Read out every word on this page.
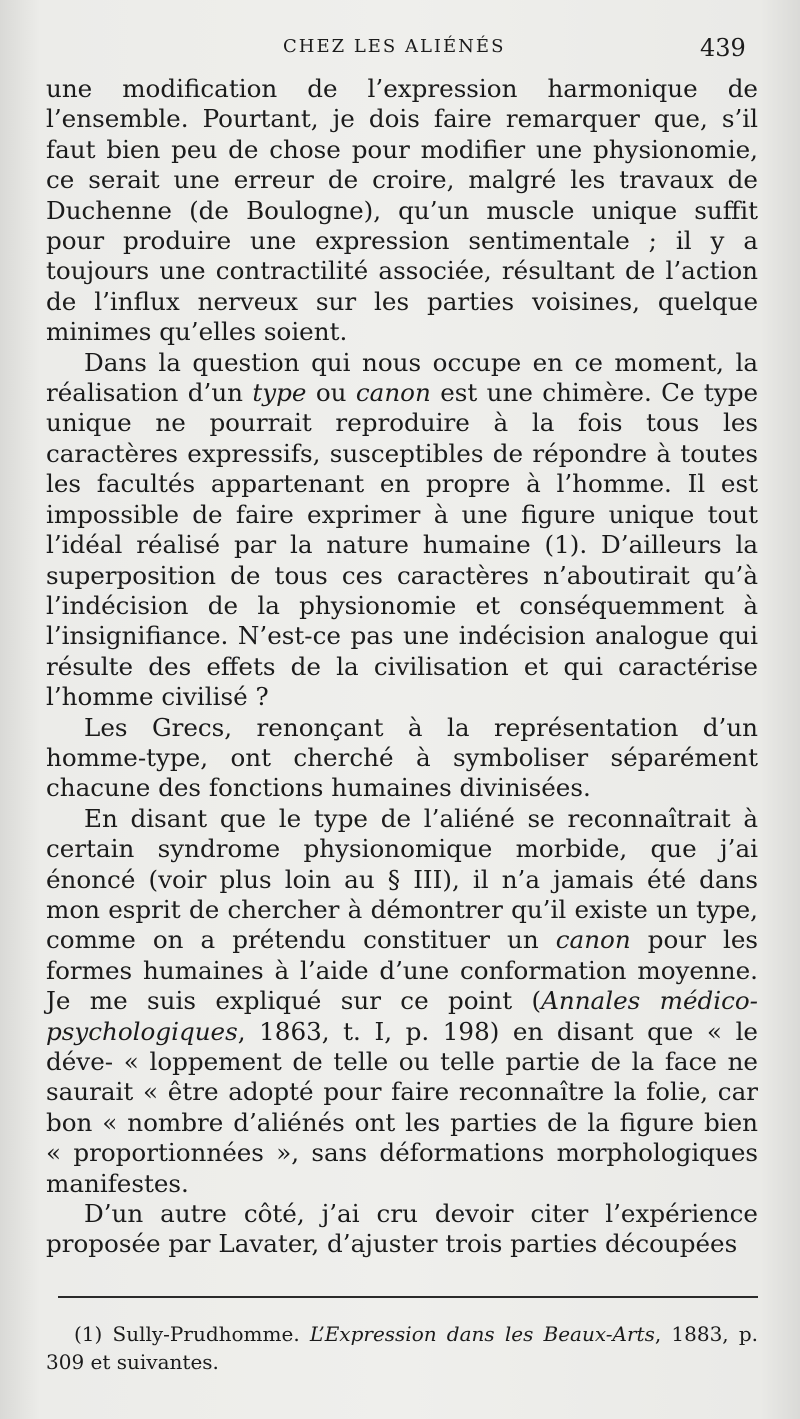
CHEZ LES ALIÉNÉS	439

une modification de l’expression harmonique de l’ensemble. Pourtant, je dois faire remarquer que, s’il faut bien peu de chose pour modifier une physionomie, ce serait une erreur de croire, malgré les travaux de Duchenne (de Boulogne), qu’un muscle unique suffit pour produire une expression sentimentale ; il y a toujours une contractilité associée, résultant de l’action de l’influx nerveux sur les parties voisines, quelque minimes qu’elles soient.

Dans la question qui nous occupe en ce moment, la réalisation d’un type ou canon est une chimère. Ce type unique ne pourrait reproduire à la fois tous les caractères expressifs, susceptibles de répondre à toutes les facultés appartenant en propre à l’homme. Il est impossible de faire exprimer à une figure unique tout l’idéal réalisé par la nature humaine (1). D’ailleurs la superposition de tous ces caractères n’aboutirait qu’à l’indécision de la physionomie et conséquemment à l’insignifiance. N’est-ce pas une indécision analogue qui résulte des effets de la civilisation et qui caractérise l’homme civilisé ?

Les Grecs, renonçant à la représentation d’un homme-type, ont cherché à symboliser séparément chacune des fonctions humaines divinisées.

En disant que le type de l’aliéné se reconnaîtrait à certain syndrome physionomique morbide, que j’ai énoncé (voir plus loin au § III), il n’a jamais été dans mon esprit de chercher à démontrer qu’il existe un type, comme on a prétendu constituer un canon pour les formes humaines à l’aide d’une conformation moyenne. Je me suis expliqué sur ce point (Annales médico-psychologiques, 1863, t. I, p. 198) en disant que « le déve- « loppement de telle ou telle partie de la face ne saurait « être adopté pour faire reconnaître la folie, car bon « nombre d’aliénés ont les parties de la figure bien « proportionnées », sans déformations morphologiques manifestes.

D’un autre côté, j’ai cru devoir citer l’expérience proposée par Lavater, d’ajuster trois parties découpées

(1) Sully-Prudhomme. L’Expression dans les Beaux-Arts, 1883, p. 309 et suivantes.
